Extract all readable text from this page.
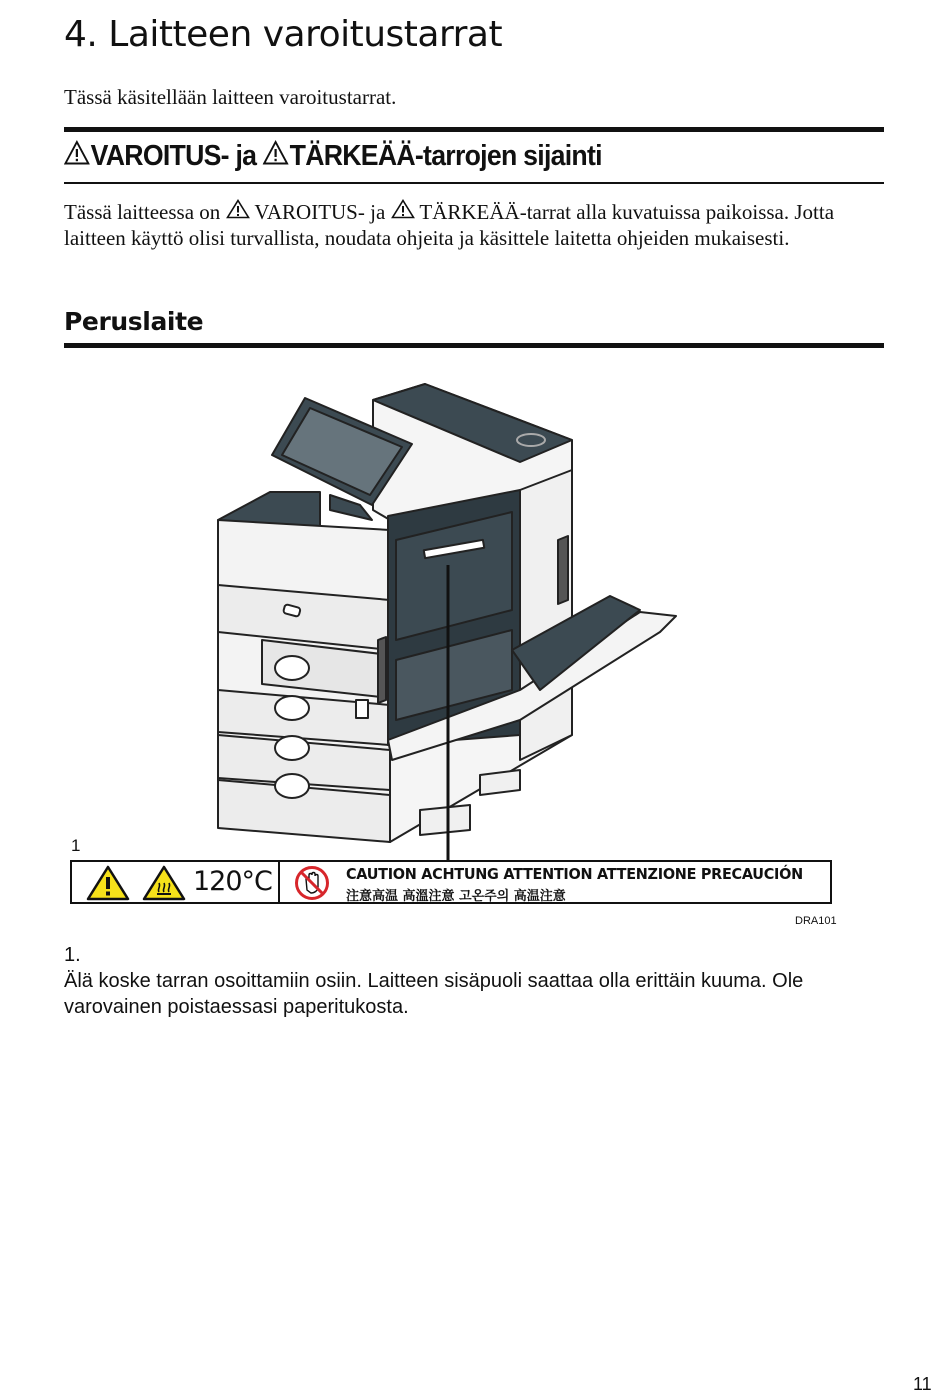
4. Laitteen varoitustarrat

Tässä käsitellään laitteen varoitustarrat.

VAROITUS- ja TÄRKEÄÄ-tarrojen sijainti

Tässä laitteessa on  VAROITUS- ja  TÄRKEÄÄ-tarrat alla kuvatuissa paikoissa. Jotta laitteen käyttö olisi turvallista, noudata ohjeita ja käsittele laitetta ohjeiden mukaisesti.

Peruslaite
1
120°C	CAUTION ACHTUNG ATTENTION ATTENZIONE PRECAUCIÓN
注意高温 高溫注意 고온주의 高温注意
DRA101
1.

Älä koske tarran osoittamiin osiin. Laitteen sisäpuoli saattaa olla erittäin kuuma. Ole varovainen poistaessasi paperitukosta.

11
